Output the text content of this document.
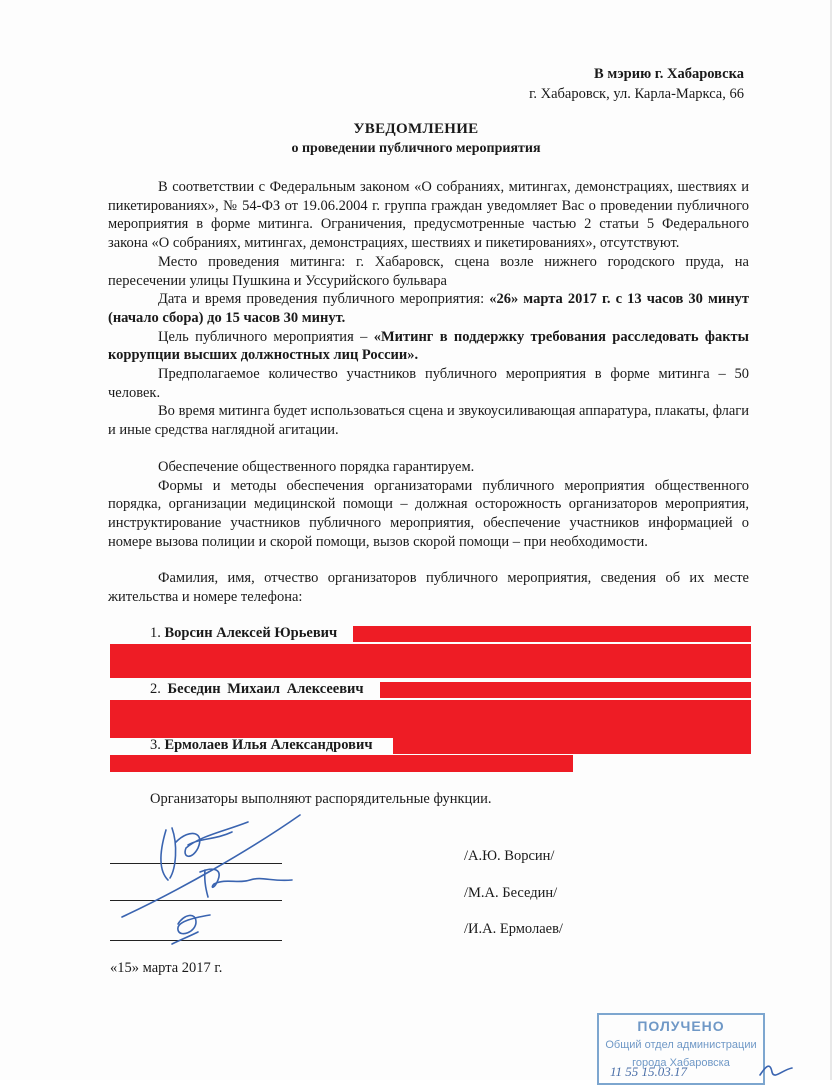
В мэрию г. Хабаровска
г. Хабаровск, ул. Карла-Маркса, 66
УВЕДОМЛЕНИЕ
о проведении публичного мероприятия

В соответствии с Федеральным законом «О собраниях, митингах, демонстрациях, шествиях и пикетированиях», № 54-ФЗ от 19.06.2004 г. группа граждан уведомляет Вас о проведении публичного мероприятия в форме митинга. Ограничения, предусмотренные частью 2 статьи 5 Федерального закона «О собраниях, митингах, демонстрациях, шествиях и пикетированиях», отсутствуют.

Место проведения митинга: г. Хабаровск, сцена возле нижнего городского пруда, на пересечении улицы Пушкина и Уссурийского бульвара

Дата и время проведения публичного мероприятия: «26» марта 2017 г. с 13 часов 30 минут (начало сбора) до 15 часов 30 минут.

Цель публичного мероприятия – «Митинг в поддержку требования расследовать факты коррупции высших должностных лиц России».

Предполагаемое количество участников публичного мероприятия в форме митинга – 50 человек.

Во время митинга будет использоваться сцена и звукоусиливающая аппаратура, плакаты, флаги и иные средства наглядной агитации.

Обеспечение общественного порядка гарантируем.

Формы и методы обеспечения организаторами публичного мероприятия общественного порядка, организации медицинской помощи – должная осторожность организаторов мероприятия, инструктирование участников публичного мероприятия, обеспечение участников информацией о номере вызова полиции и скорой помощи, вызов скорой помощи – при необходимости.

Фамилия, имя, отчество организаторов публичного мероприятия, сведения об их месте жительства и номере телефона:

1. Ворсин Алексей Юрьевич
2. Беседин Михаил Алексеевич
3. Ермолаев Илья Александрович
Организаторы выполняют распорядительные функции.
/А.Ю. Ворсин/
/М.А. Беседин/
/И.А. Ермолаев/
«15» марта 2017 г.
ПОЛУЧЕНО
Общий отдел администрации
города Хабаровска
11 55 15.03.17
